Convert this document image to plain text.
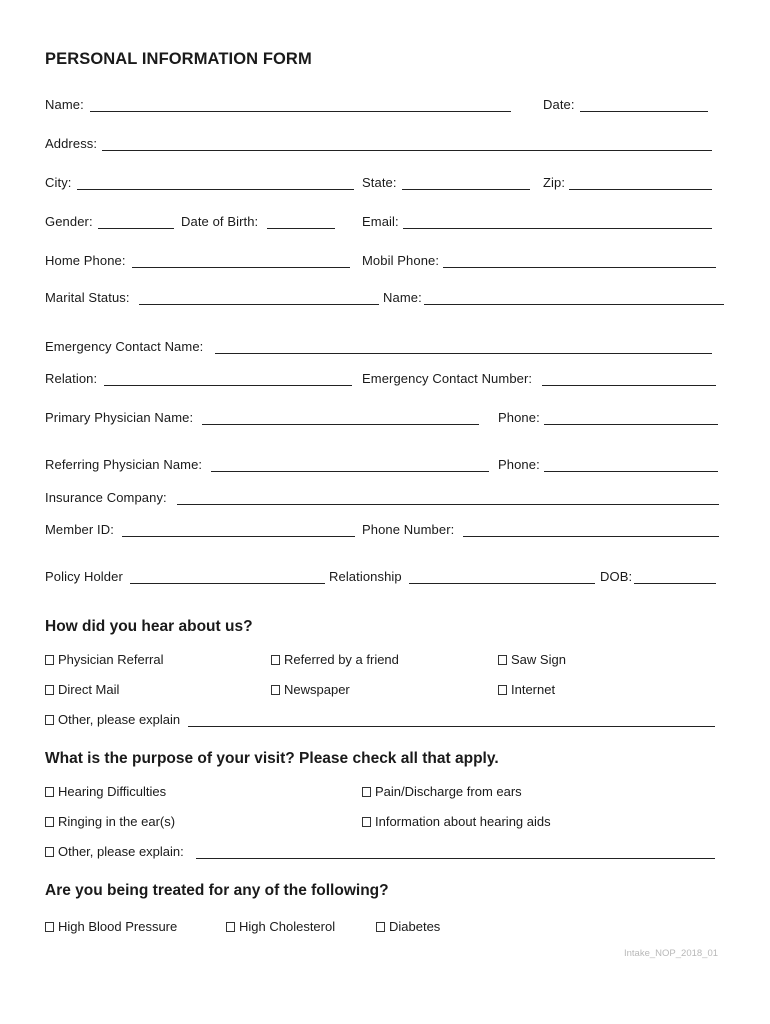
PERSONAL INFORMATION FORM
Name:	Date:
Address:
City:	State:	Zip:
Gender:	Date of Birth:	Email:
Home Phone:	Mobil Phone:
Marital Status:	Name:
Emergency Contact Name:
Relation:	Emergency Contact Number:
Primary Physician Name:	Phone:
Referring Physician Name:	Phone:
Insurance Company:
Member ID:	Phone Number:
Policy Holder	Relationship	DOB:
How did you hear about us?
Physician Referral	Referred by a friend	Saw Sign
Direct Mail	Newspaper	Internet
Other, please explain
What is the purpose of your visit? Please check all that apply.
Hearing Difficulties	Pain/Discharge from ears
Ringing in the ear(s)	Information about hearing aids
Other, please explain:
Are you being treated for any of the following?
High Blood Pressure	High Cholesterol	Diabetes
Intake_NOP_2018_01
